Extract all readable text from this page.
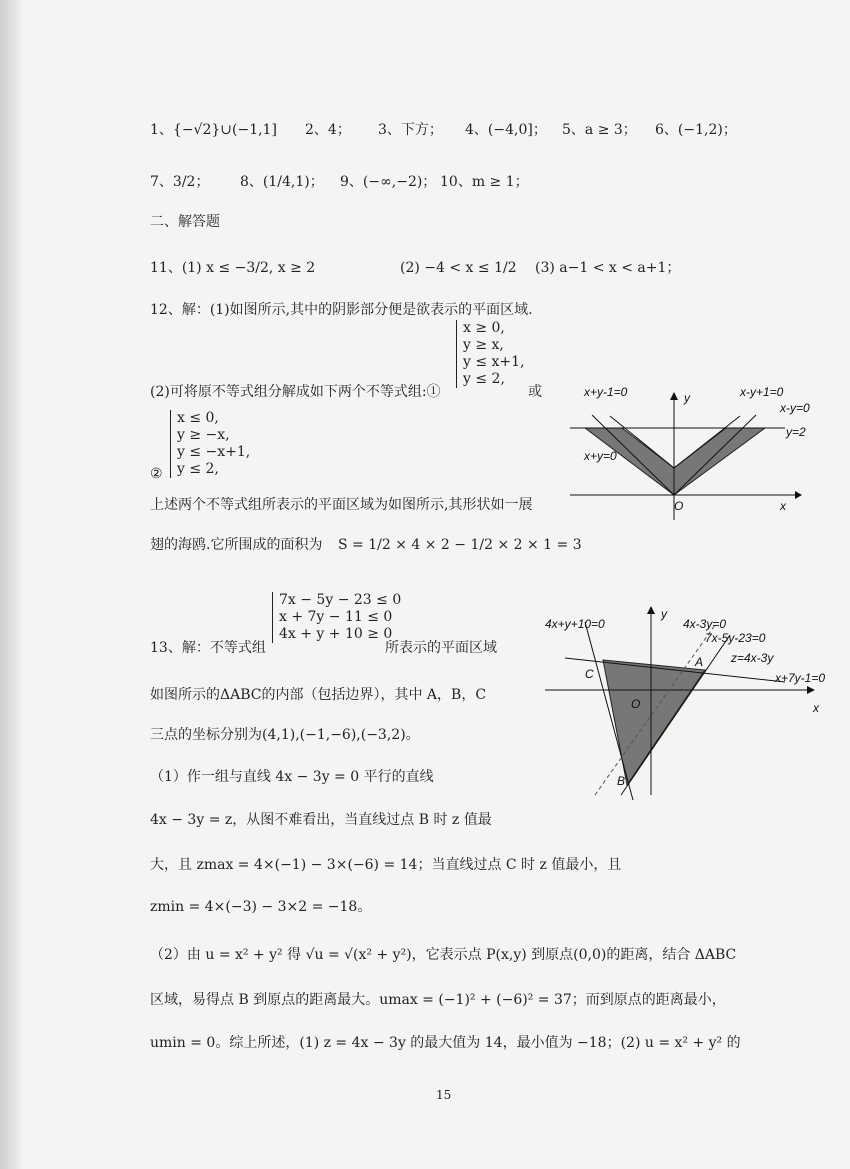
1、{−√2}∪(−1,1] 2、4； 3、下方； 4、(−4,0]； 5、a ≥ 3； 6、(−1,2)；
7、3/2； 8、(1/4,1)； 9、(−∞,−2)； 10、m ≥ 1；
二、解答题
11、(1) x ≤ −3/2, x ≥ 2	(2) −4 < x ≤ 1/2 (3) a−1 < x < a+1；
12、解：(1)如图所示,其中的阴影部分便是欲表示的平面区域.
x ≥ 0,
y ≥ x,
y ≤ x+1,
y ≤ 2,
(2)可将原不等式组分解成如下两个不等式组:①	或
x ≤ 0,
y ≥ −x,
y ≤ −x+1,
y ≤ 2,
②
上述两个不等式组所表示的平面区域为如图所示,其形状如一展
翅的海鸥.它所围成的面积为 S = 1/2 × 4 × 2 − 1/2 × 2 × 1 = 3
x+y-1=0	y	x-y+1=0
x-y=0
y=2
x+y=0
O	x
7x − 5y − 23 ≤ 0
x + 7y − 11 ≤ 0
4x + y + 10 ≥ 0
13、解：不等式组	所表示的平面区域
如图所示的ΔABC的内部（包括边界），其中 A，B，C
三点的坐标分别为(4,1),(−1,−6),(−3,2)。
（1）作一组与直线 4x − 3y = 0 平行的直线
4x − 3y = z，从图不难看出，当直线过点 B 时 z 值最
大，且 zmax = 4×(−1) − 3×(−6) = 14；当直线过点 C 时 z 值最小，且
zmin = 4×(−3) − 3×2 = −18。
（2）由 u = x² + y² 得 √u = √(x² + y²)，它表示点 P(x,y) 到原点(0,0)的距离，结合 ΔABC
区域，易得点 B 到原点的距离最大。umax = (−1)² + (−6)² = 37；而到原点的距离最小，
umin = 0。综上所述，(1) z = 4x − 3y 的最大值为 14，最小值为 −18；(2) u = x² + y² 的
4x+y+10=0
y
4x-3y=0
7x-5y-23=0
A
C
z=4x-3y
x+7y-1=0
O	x
B
15
